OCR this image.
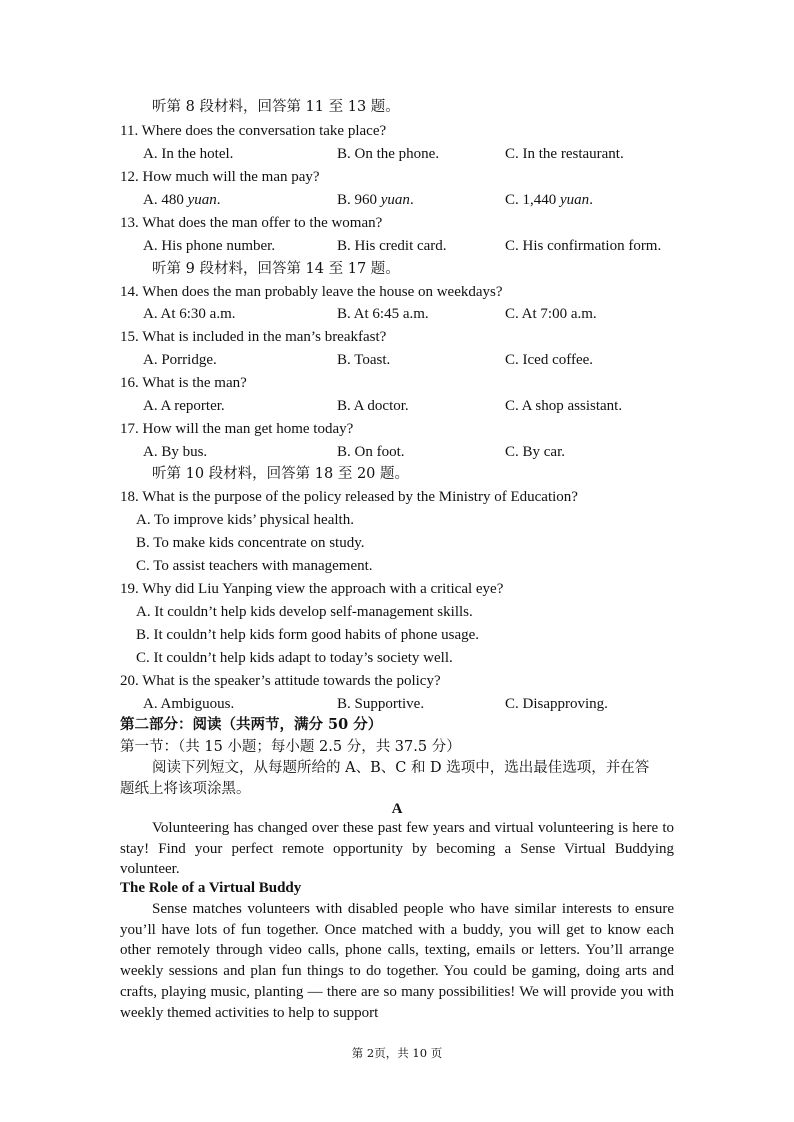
听第 8 段材料，回答第 11 至 13 题。
11. Where does the conversation take place?
A. In the hotel.	B. On the phone.	C. In the restaurant.
12. How much will the man pay?
A. 480 yuan.	B. 960 yuan.	C. 1,440 yuan.
13. What does the man offer to the woman?
A. His phone number.	B. His credit card.	C. His confirmation form.
听第 9 段材料，回答第 14 至 17 题。
14. When does the man probably leave the house on weekdays?
A. At 6:30 a.m.	B. At 6:45 a.m.	C. At 7:00 a.m.
15. What is included in the man’s breakfast?
A. Porridge.	B. Toast.	C. Iced coffee.
16. What is the man?
A. A reporter.	B. A doctor.	C. A shop assistant.
17. How will the man get home today?
A. By bus.	B. On foot.	C. By car.
听第 10 段材料，回答第 18 至 20 题。
18. What is the purpose of the policy released by the Ministry of Education?
A. To improve kids’ physical health.
B. To make kids concentrate on study.
C. To assist teachers with management.
19. Why did Liu Yanping view the approach with a critical eye?
A. It couldn’t help kids develop self-management skills.
B. It couldn’t help kids form good habits of phone usage.
C. It couldn’t help kids adapt to today’s society well.
20. What is the speaker’s attitude towards the policy?
A. Ambiguous.	B. Supportive.	C. Disapproving.
第二部分：阅读（共两节，满分 50 分）
第一节：（共 15 小题；每小题 2.5 分，共 37.5 分）
阅读下列短文，从每题所给的 A、B、C 和 D 选项中，选出最佳选项，并在答
题纸上将该项涂黑。
A
Volunteering has changed over these past few years and virtual volunteering is here to stay! Find your perfect remote opportunity by becoming a Sense Virtual Buddying volunteer.
The Role of a Virtual Buddy
Sense matches volunteers with disabled people who have similar interests to ensure you’ll have lots of fun together. Once matched with a buddy, you will get to know each other remotely through video calls, phone calls, texting, emails or letters. You’ll arrange weekly sessions and plan fun things to do together. You could be gaming, doing arts and crafts, playing music, planting — there are so many possibilities! We will provide you with weekly themed activities to help to support
第 2页，共 10 页
